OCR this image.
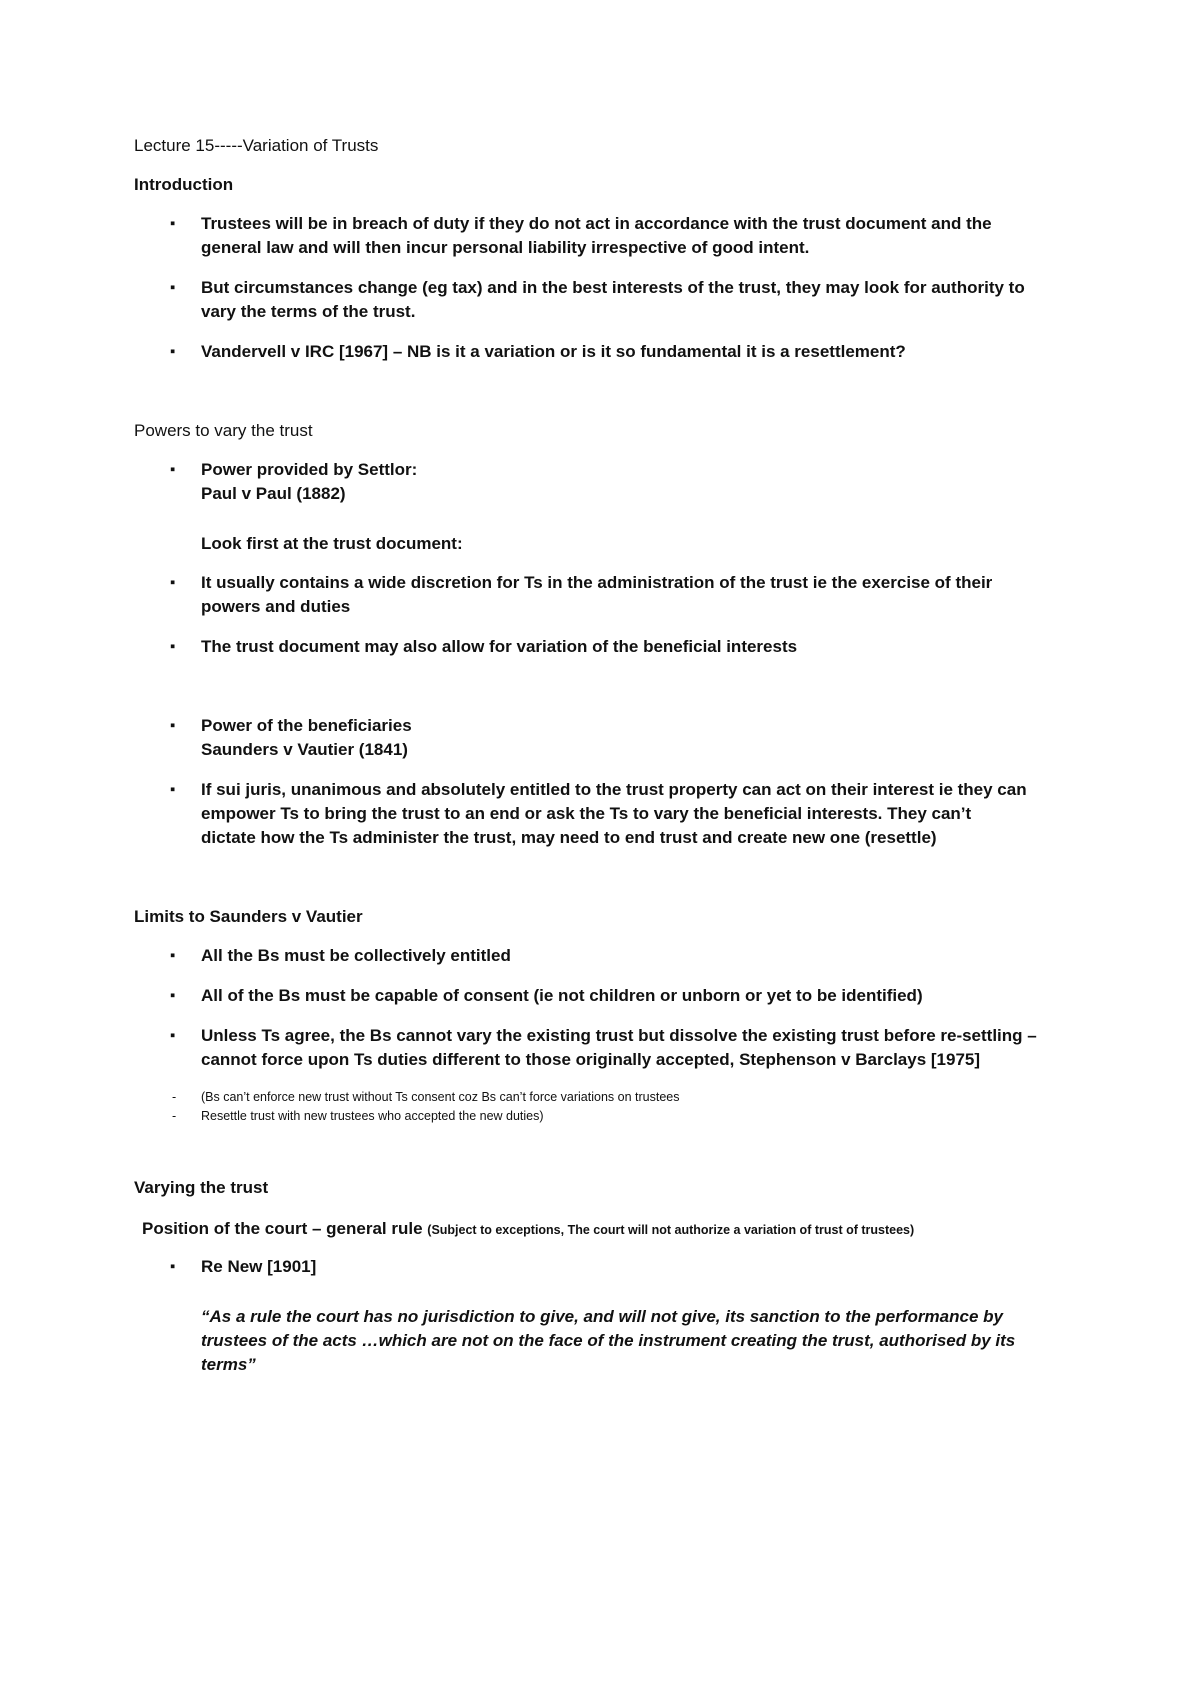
Lecture 15-----Variation of Trusts

Introduction

▪ Trustees will be in breach of duty if they do not act in accordance with the trust document and the

general law and will then incur personal liability irrespective of good intent.

▪ But circumstances change (eg tax) and in the best interests of the trust, they may look for authority to

vary the terms of the trust.

▪ Vandervell v IRC [1967] – NB is it a variation or is it so fundamental it is a resettlement?

Powers to vary the trust

▪ Power provided by Settlor:

Paul v Paul (1882)

Look first at the trust document:

▪ It usually contains a wide discretion for Ts in the administration of the trust ie the exercise of their

powers and duties

▪ The trust document may also allow for variation of the beneficial interests

▪ Power of the beneficiaries

Saunders v Vautier (1841)

▪ If sui juris, unanimous and absolutely entitled to the trust property can act on their interest ie they can

empower Ts to bring the trust to an end or ask the Ts to vary the beneficial interests. They can’t

dictate how the Ts administer the trust, may need to end trust and create new one (resettle)

Limits to Saunders v Vautier

▪ All the Bs must be collectively entitled

▪ All of the Bs must be capable of consent (ie not children or unborn or yet to be identified)

▪ Unless Ts agree, the Bs cannot vary the existing trust but dissolve the existing trust before re-settling –

cannot force upon Ts duties different to those originally accepted, Stephenson v Barclays [1975]

- (Bs can’t enforce new trust without Ts consent coz Bs can’t force variations on trustees

- Resettle trust with new trustees who accepted the new duties)

Varying the trust

Position of the court – general rule (Subject to exceptions, The court will not authorize a variation of trust of trustees)

▪ Re New [1901]

“As a rule the court has no jurisdiction to give, and will not give, its sanction to the performance by

trustees of the acts …which are not on the face of the instrument creating the trust, authorised by its

terms”
